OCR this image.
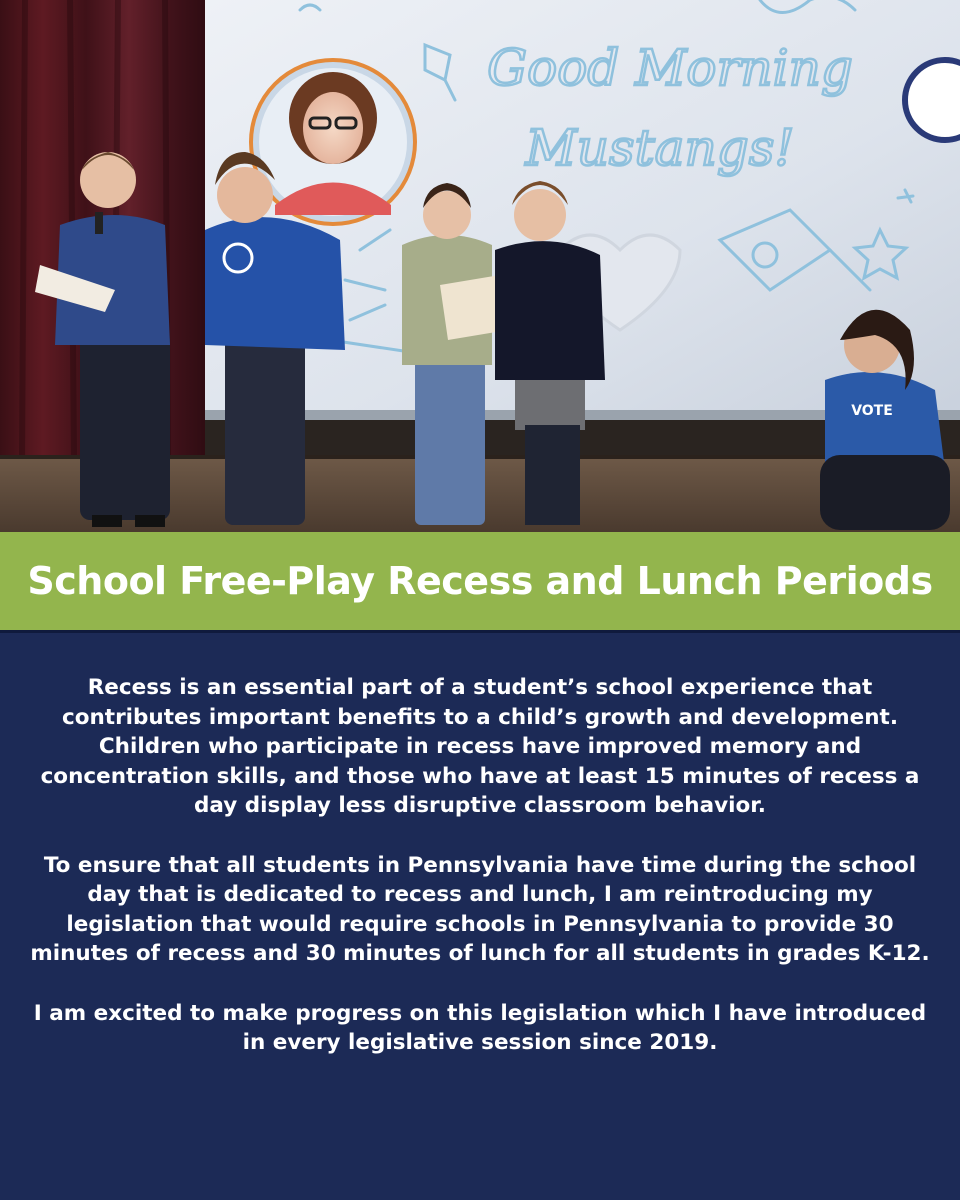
Good Morning
Mustangs!
VOTE
School Free-Play Recess and Lunch Periods

Recess is an essential part of a student’s school experience that contributes important benefits to a child’s growth and development. Children who participate in recess have improved memory and concentration skills, and those who have at least 15 minutes of recess a day display less disruptive classroom behavior.

To ensure that all students in Pennsylvania have time during the school day that is dedicated to recess and lunch, I am reintroducing my legislation that would require schools in Pennsylvania to provide 30 minutes of recess and 30 minutes of lunch for all students in grades K-12.

I am excited to make progress on this legislation which I have introduced in every legislative session since 2019.
